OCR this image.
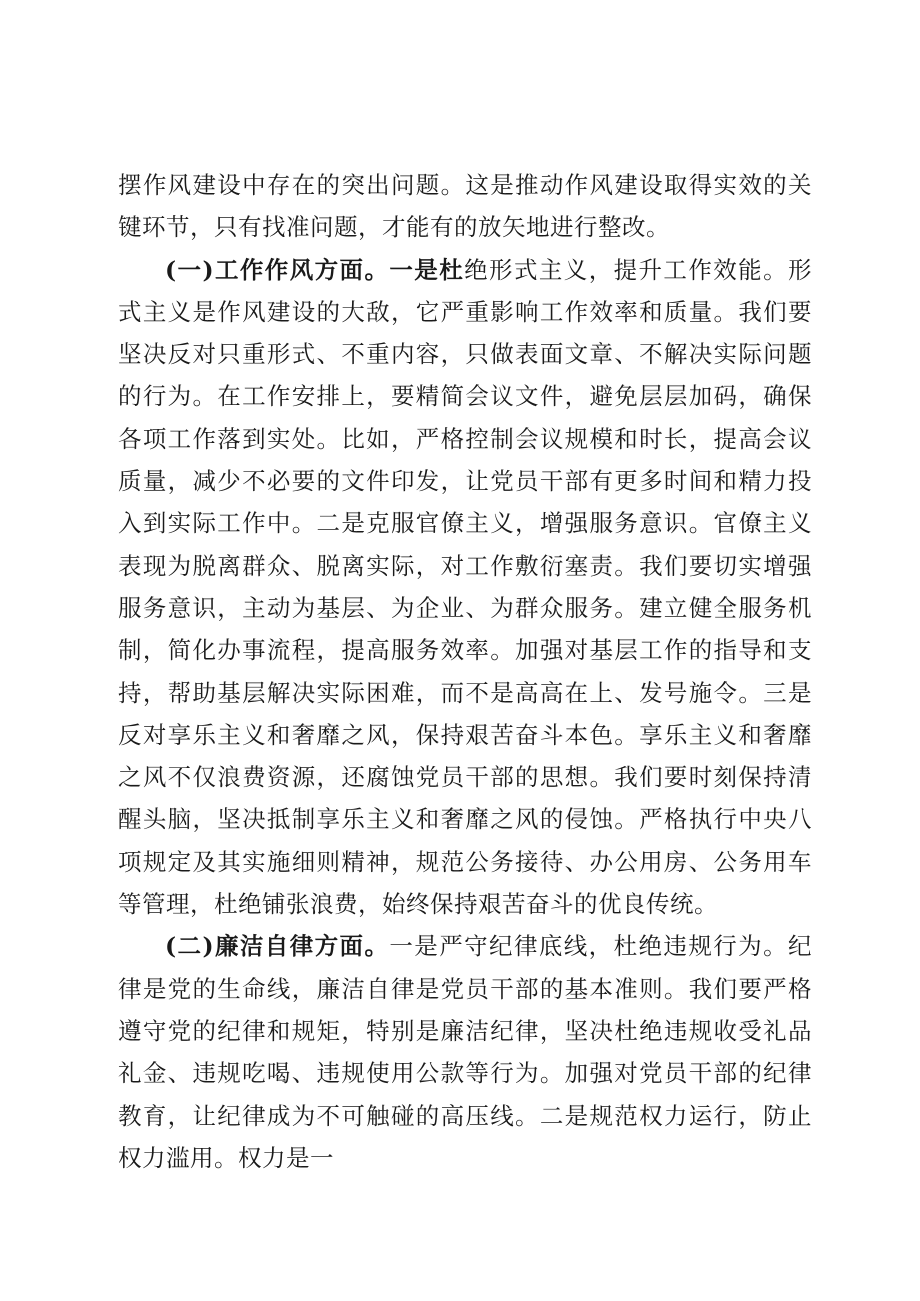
摆作风建设中存在的突出问题。这是推动作风建设取得实效的关键环节，只有找准问题，才能有的放矢地进行整改。

(一)工作作风方面。一是杜绝形式主义，提升工作效能。形式主义是作风建设的大敌，它严重影响工作效率和质量。我们要坚决反对只重形式、不重内容，只做表面文章、不解决实际问题的行为。在工作安排上，要精简会议文件，避免层层加码，确保各项工作落到实处。比如，严格控制会议规模和时长，提高会议质量，减少不必要的文件印发，让党员干部有更多时间和精力投入到实际工作中。二是克服官僚主义，增强服务意识。官僚主义表现为脱离群众、脱离实际，对工作敷衍塞责。我们要切实增强服务意识，主动为基层、为企业、为群众服务。建立健全服务机制，简化办事流程，提高服务效率。加强对基层工作的指导和支持，帮助基层解决实际困难，而不是高高在上、发号施令。三是反对享乐主义和奢靡之风，保持艰苦奋斗本色。享乐主义和奢靡之风不仅浪费资源，还腐蚀党员干部的思想。我们要时刻保持清醒头脑，坚决抵制享乐主义和奢靡之风的侵蚀。严格执行中央八项规定及其实施细则精神，规范公务接待、办公用房、公务用车等管理，杜绝铺张浪费，始终保持艰苦奋斗的优良传统。

(二)廉洁自律方面。一是严守纪律底线，杜绝违规行为。纪律是党的生命线，廉洁自律是党员干部的基本准则。我们要严格遵守党的纪律和规矩，特别是廉洁纪律，坚决杜绝违规收受礼品礼金、违规吃喝、违规使用公款等行为。加强对党员干部的纪律教育，让纪律成为不可触碰的高压线。二是规范权力运行，防止权力滥用。权力是一
